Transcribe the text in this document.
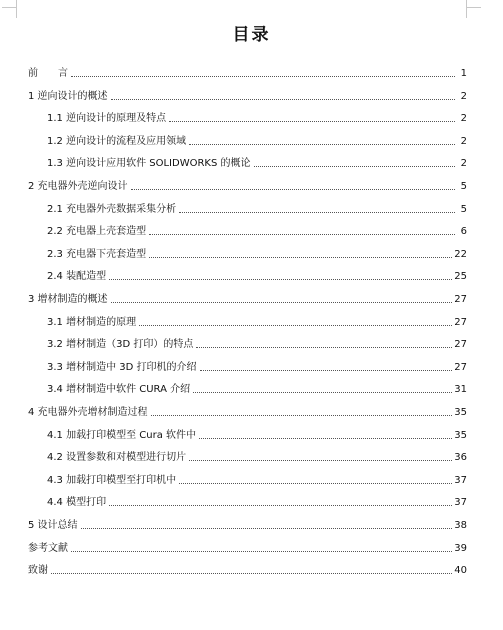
目录
前　　言	1
1 逆向设计的概述	2
1.1 逆向设计的原理及特点	2
1.2 逆向设计的流程及应用领域	2
1.3 逆向设计应用软件 SOLIDWORKS 的概论	2
2 充电器外壳逆向设计	5
2.1 充电器外壳数据采集分析	5
2.2 充电器上壳套造型	6
2.3 充电器下壳套造型	22
2.4 装配造型	25
3 增材制造的概述	27
3.1 增材制造的原理	27
3.2 增材制造（3D 打印）的特点	27
3.3 增材制造中 3D 打印机的介绍	27
3.4 增材制造中软件 CURA 介绍	31
4 充电器外壳增材制造过程	35
4.1 加载打印模型至 Cura 软件中	35
4.2 设置参数和对模型进行切片	36
4.3 加载打印模型至打印机中	37
4.4 模型打印	37
5 设计总结	38
参考文献	39
致谢	40
